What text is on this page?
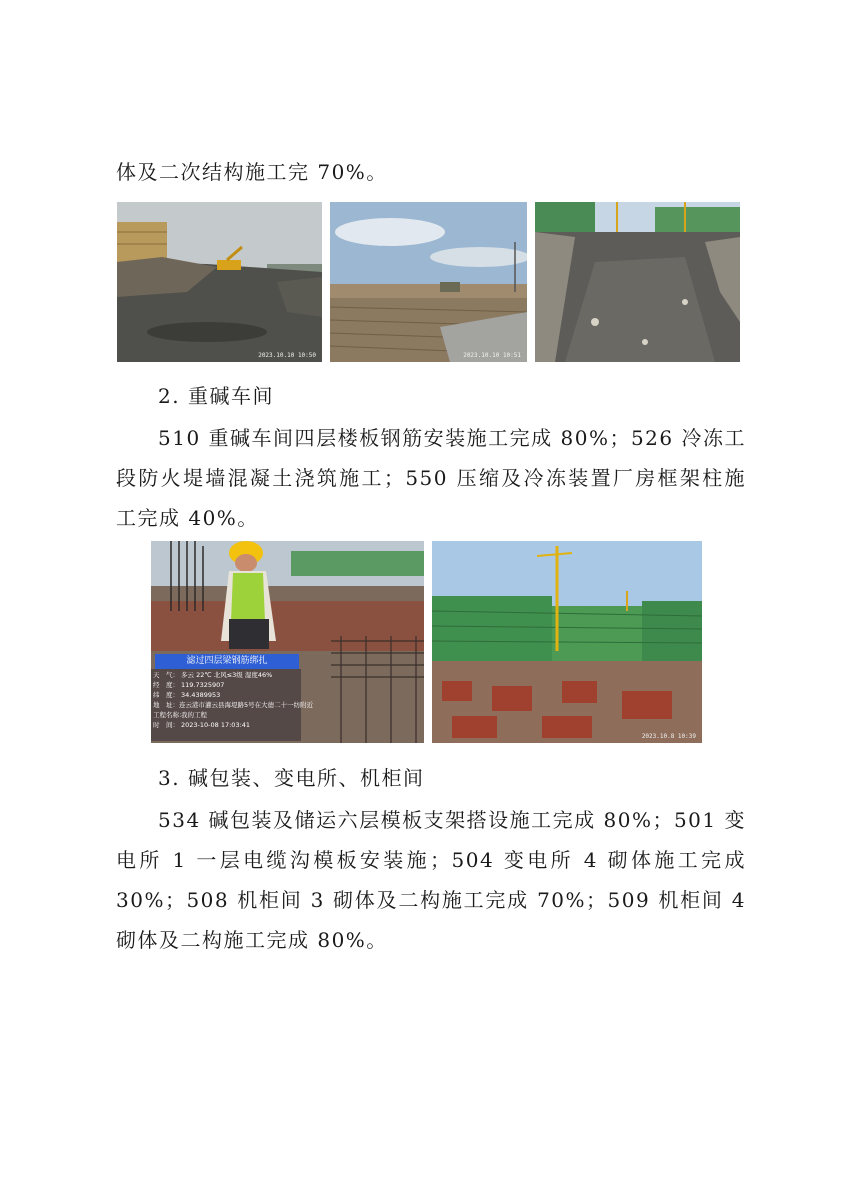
体及二次结构施工完 70%。

2023.10.10 10:50	2023.10.10 10:51

2. 重碱车间

510 重碱车间四层楼板钢筋安装施工完成 80%；526 冷冻工段防火堤墙混凝土浇筑施工；550 压缩及冷冻装置厂房框架柱施工完成 40%。

滤过四层梁钢筋绑扎
天　气： 多云 22℃ 北风≤3级 湿度46%
经　度： 119.7325907
纬　度： 34.4389953
地　址： 连云港市灌云县海堤路5号在大德二十一纺附近
工程名称：
我的工程
时　间： 2023-10-08 17:03:41
2023.10.8 10:39

3. 碱包装、变电所、机柜间

534 碱包装及储运六层模板支架搭设施工完成 80%；501 变电所 1 一层电缆沟模板安装施；504 变电所 4 砌体施工完成 30%；508 机柜间 3 砌体及二构施工完成 70%；509 机柜间 4 砌体及二构施工完成 80%。
